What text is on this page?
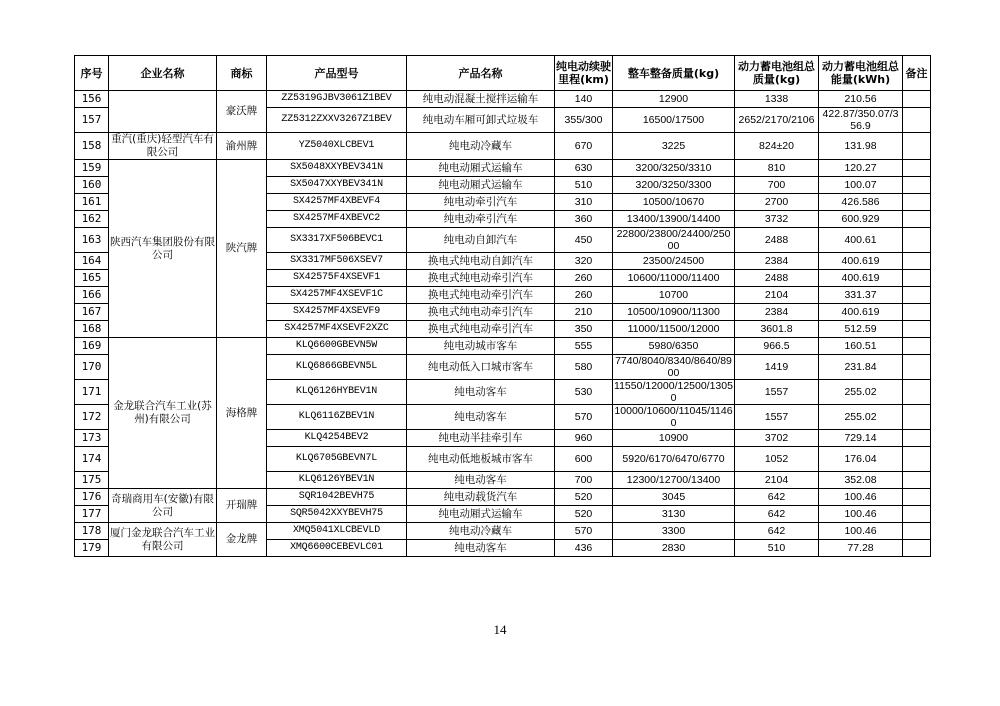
序号	企业名称	商标	产品型号	产品名称	纯电动续驶里程(km)	整车整备质量(kg)	动力蓄电池组总质量(kg)	动力蓄电池组总能量(kWh)	备注
156		豪沃牌	ZZ5319GJBV3061Z1BEV	纯电动混凝土搅拌运输车	140	12900	1338	210.56	
157			ZZ5312ZXXV3267Z1BEV	纯电动车厢可卸式垃圾车	355/300	16500/17500	2652/2170/2106	422.87/350.07/356.9	
158	重汽(重庆)轻型汽车有限公司	渝州牌	YZ5040XLCBEV1	纯电动冷藏车	670	3225	824±20	131.98	
159	陕西汽车集团股份有限公司	陕汽牌	SX5048XXYBEV341N	纯电动厢式运输车	630	3200/3250/3310	810	120.27	
160			SX5047XXYBEV341N	纯电动厢式运输车	510	3200/3250/3300	700	100.07	
161			SX4257MF4XBEVF4	纯电动牵引汽车	310	10500/10670	2700	426.586	
162			SX4257MF4XBEVC2	纯电动牵引汽车	360	13400/13900/14400	3732	600.929	
163			SX3317XF506BEVC1	纯电动自卸汽车	450	22800/23800/24400/25000	2488	400.61	
164			SX3317MF506XSEV7	换电式纯电动自卸汽车	320	23500/24500	2384	400.619	
165			SX42575F4XSEVF1	换电式纯电动牵引汽车	260	10600/11000/11400	2488	400.619	
166			SX4257MF4XSEVF1C	换电式纯电动牵引汽车	260	10700	2104	331.37	
167			SX4257MF4XSEVF9	换电式纯电动牵引汽车	210	10500/10900/11300	2384	400.619	
168			SX4257MF4XSEVF2XZC	换电式纯电动牵引汽车	350	11000/11500/12000	3601.8	512.59	
169	金龙联合汽车工业(苏州)有限公司	海格牌	KLQ6600GBEVN5W	纯电动城市客车	555	5980/6350	966.5	160.51	
170			KLQ6866GBEVN5L	纯电动低入口城市客车	580	7740/8040/8340/8640/8900	1419	231.84	
171			KLQ6126HYBEV1N	纯电动客车	530	11550/12000/12500/13050	1557	255.02	
172			KLQ6116ZBEV1N	纯电动客车	570	10000/10600/11045/11460	1557	255.02	
173			KLQ4254BEV2	纯电动半挂牵引车	960	10900	3702	729.14	
174			KLQ6705GBEVN7L	纯电动低地板城市客车	600	5920/6170/6470/6770	1052	176.04	
175			KLQ6126YBEV1N	纯电动客车	700	12300/12700/13400	2104	352.08	
176	奇瑞商用车(安徽)有限公司	开瑞牌	SQR1042BEVH75	纯电动载货汽车	520	3045	642	100.46	
177			SQR5042XXYBEVH75	纯电动厢式运输车	520	3130	642	100.46	
178	厦门金龙联合汽车工业有限公司	金龙牌	XMQ5041XLCBEVLD	纯电动冷藏车	570	3300	642	100.46	
179			XMQ6600CEBEVLC01	纯电动客车	436	2830	510	77.28	
14
